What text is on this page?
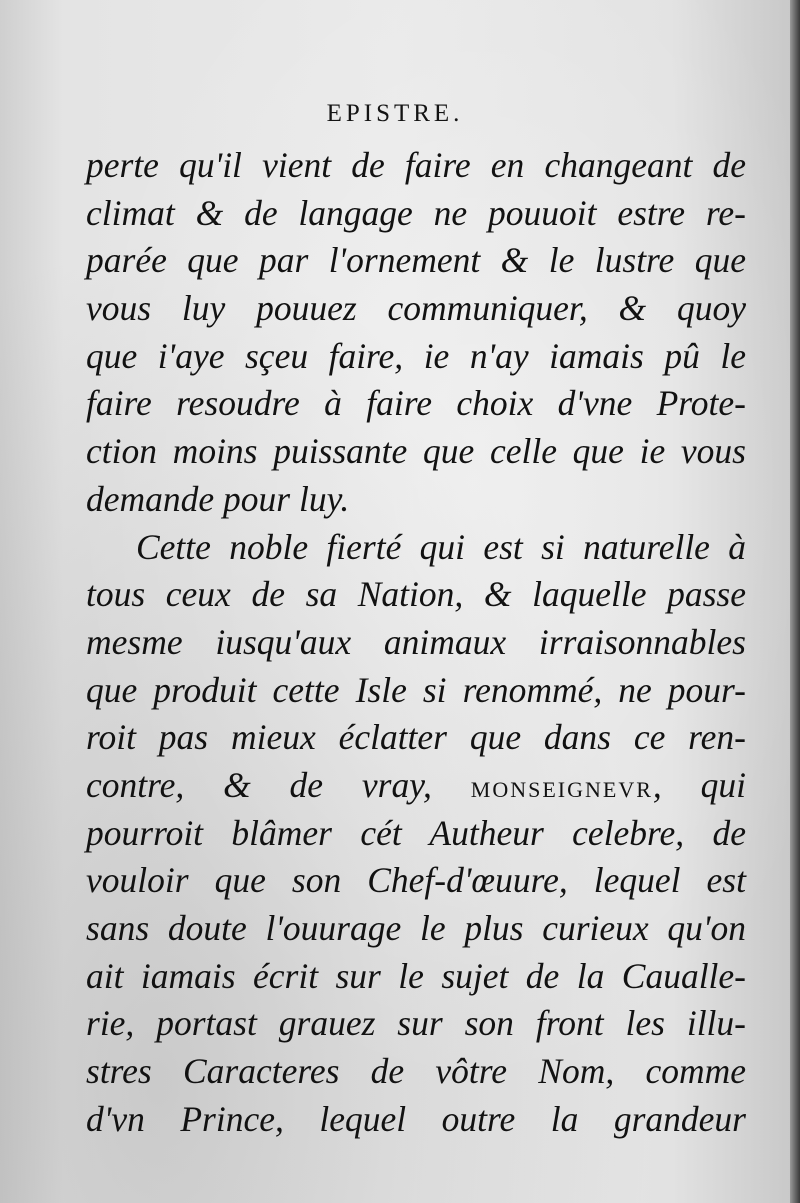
EPISTRE.
perte qu'il vient de faire en changeant de
climat & de langage ne pouuoit estre re-
parée que par l'ornement & le lustre que
vous luy pouuez communiquer, & quoy
que i'aye sçeu faire, ie n'ay iamais pû le
faire resoudre à faire choix d'vne Prote-
ction moins puissante que celle que ie vous
demande pour luy.
Cette noble fierté qui est si naturelle à
tous ceux de sa Nation, & laquelle passe
mesme iusqu'aux animaux irraisonnables
que produit cette Isle si renommé, ne pour-
roit pas mieux éclatter que dans ce ren-
contre, & de vray, MONSEIGNEVR, qui
pourroit blâmer cét Autheur celebre, de
vouloir que son Chef-d'œuure, lequel est
sans doute l'ouurage le plus curieux qu'on
ait iamais écrit sur le sujet de la Caualle-
rie, portast grauez sur son front les illu-
stres Caracteres de vôtre Nom, comme
d'vn Prince, lequel outre la grandeur
